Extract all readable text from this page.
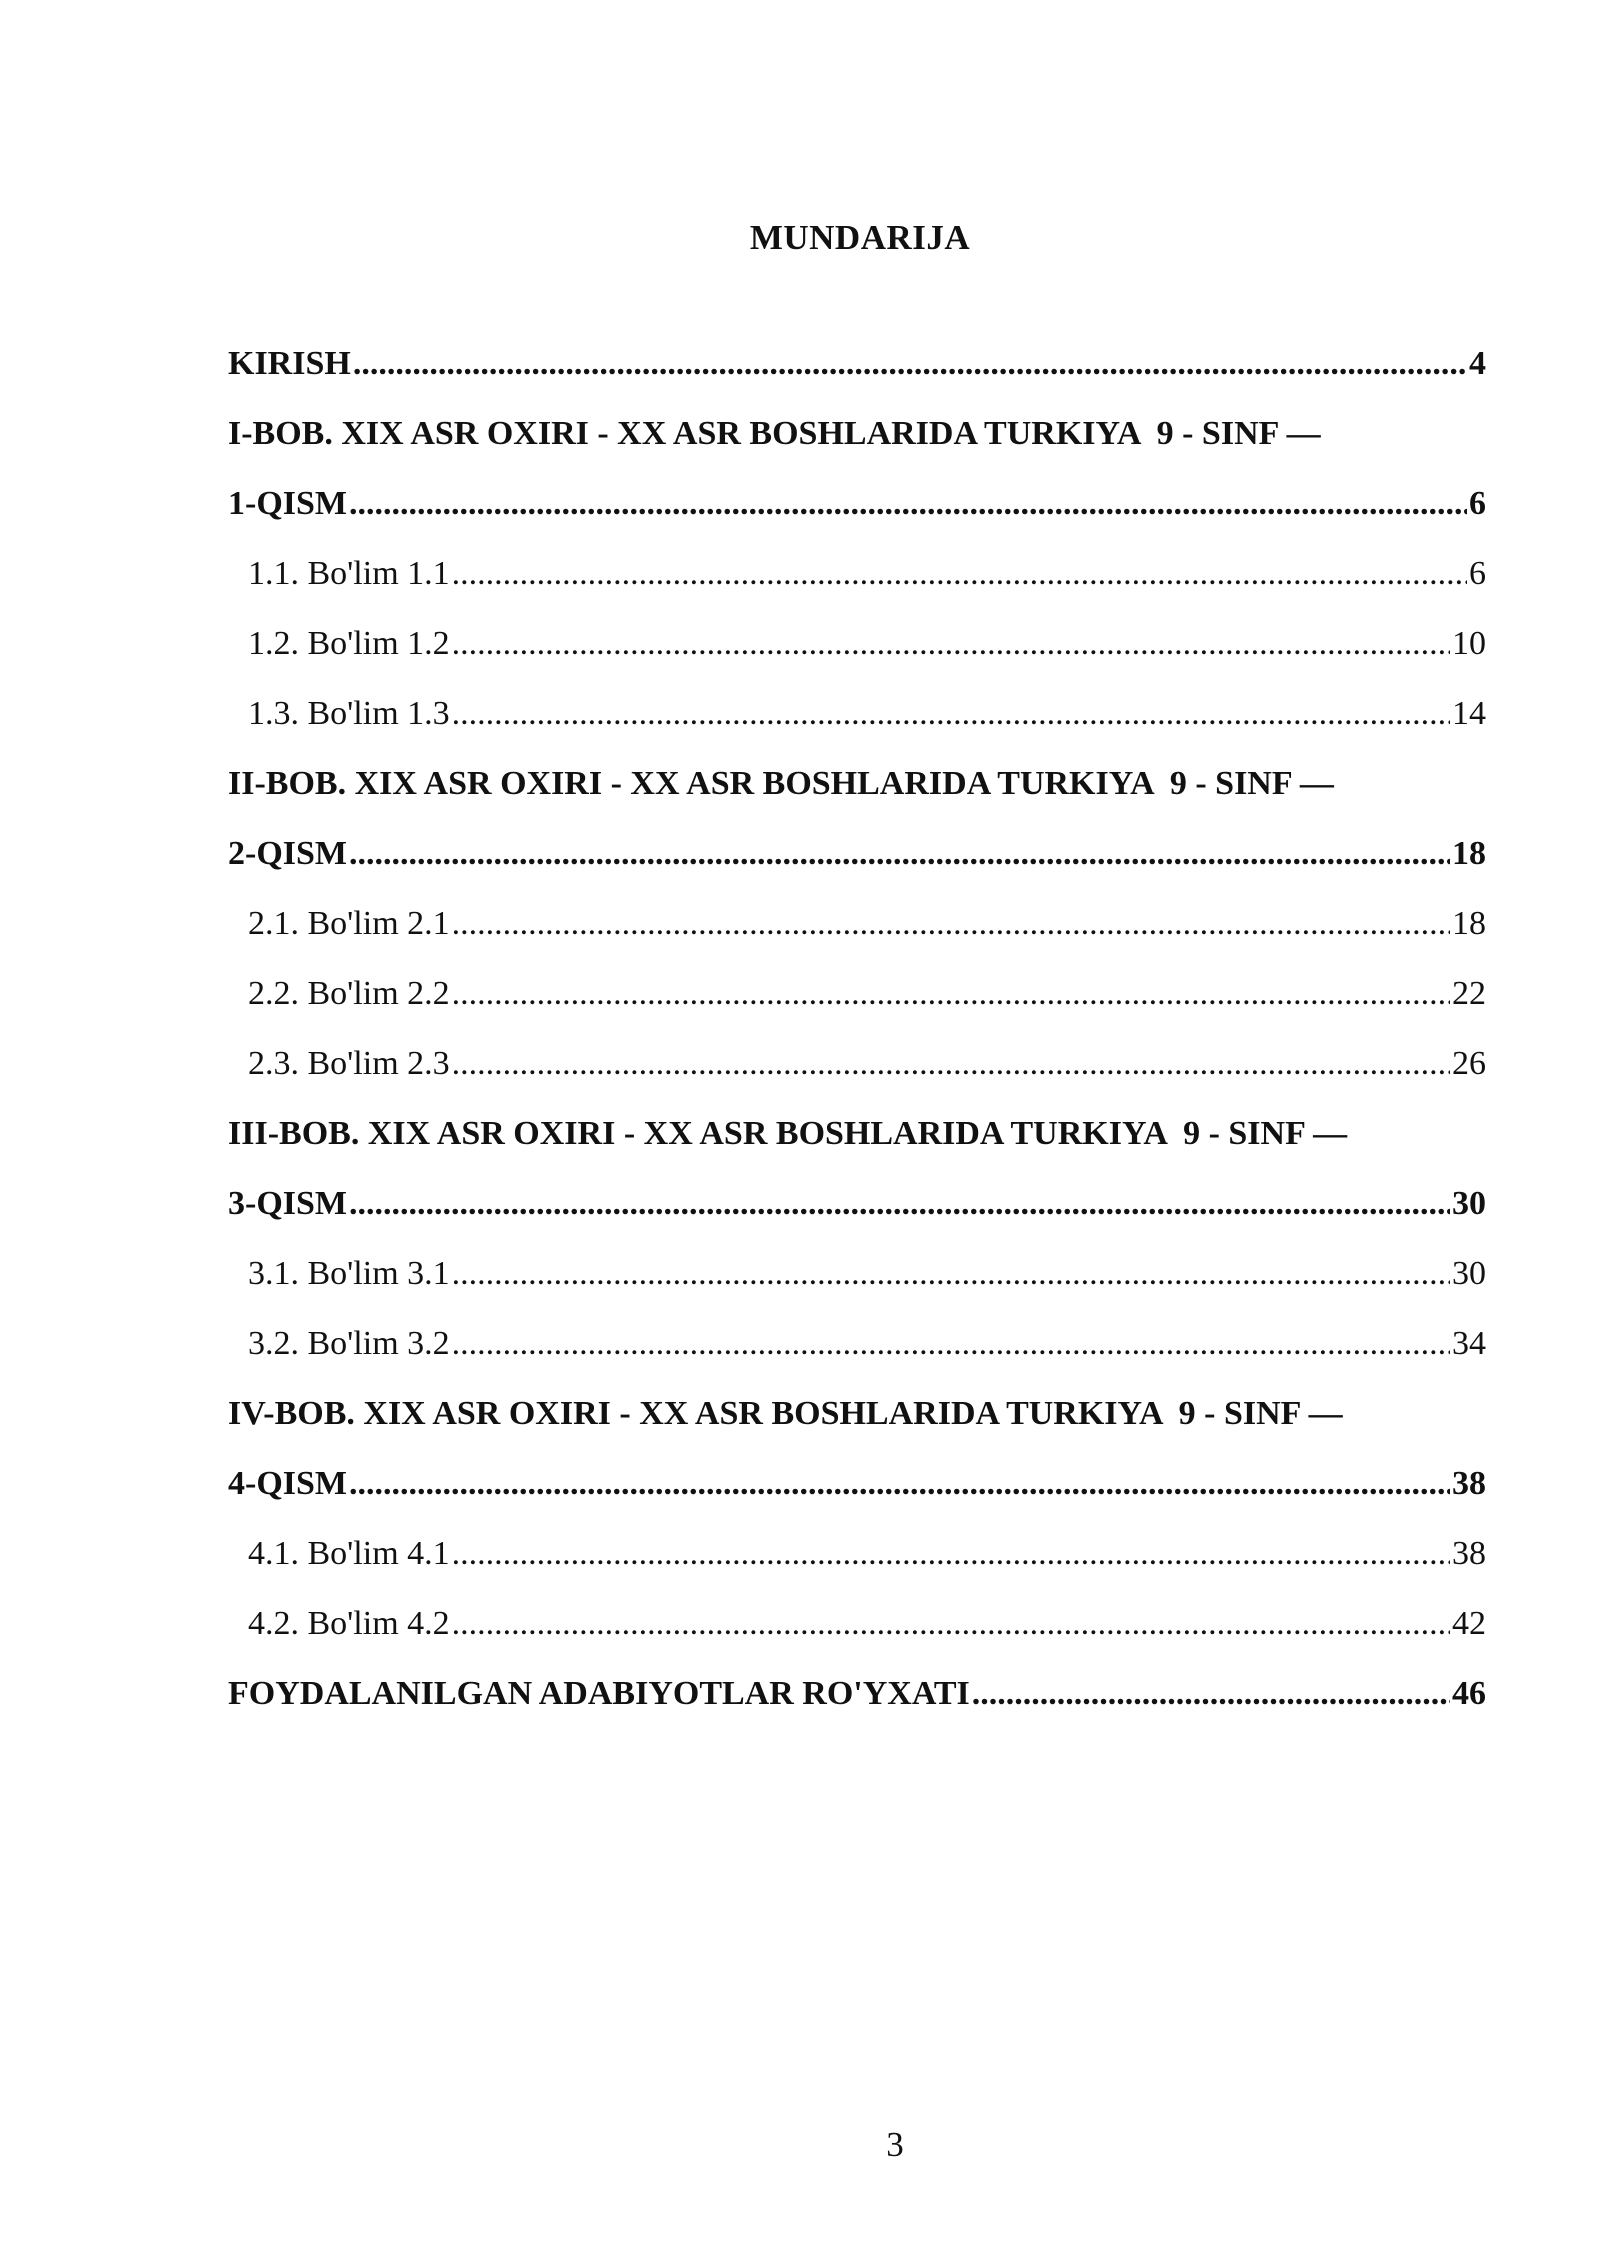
MUNDARIJA
KIRISH .....	4
I-BOB. XIX ASR OXIRI - XX ASR BOSHLARIDA TURKIYA  9 - SINF —
1-QISM .....	6
1.1. Bo'lim 1.1 .....	6
1.2. Bo'lim 1.2 .....	10
1.3. Bo'lim 1.3 .....	14
II-BOB. XIX ASR OXIRI - XX ASR BOSHLARIDA TURKIYA  9 - SINF —
2-QISM .....	18
2.1. Bo'lim 2.1 .....	18
2.2. Bo'lim 2.2 .....	22
2.3. Bo'lim 2.3 .....	26
III-BOB. XIX ASR OXIRI - XX ASR BOSHLARIDA TURKIYA  9 - SINF —
3-QISM .....	30
3.1. Bo'lim 3.1 .....	30
3.2. Bo'lim 3.2 .....	34
IV-BOB. XIX ASR OXIRI - XX ASR BOSHLARIDA TURKIYA  9 - SINF —
4-QISM .....	38
4.1. Bo'lim 4.1 .....	38
4.2. Bo'lim 4.2 .....	42
FOYDALANILGAN ADABIYOTLAR RO'YXATI .....	46
3
